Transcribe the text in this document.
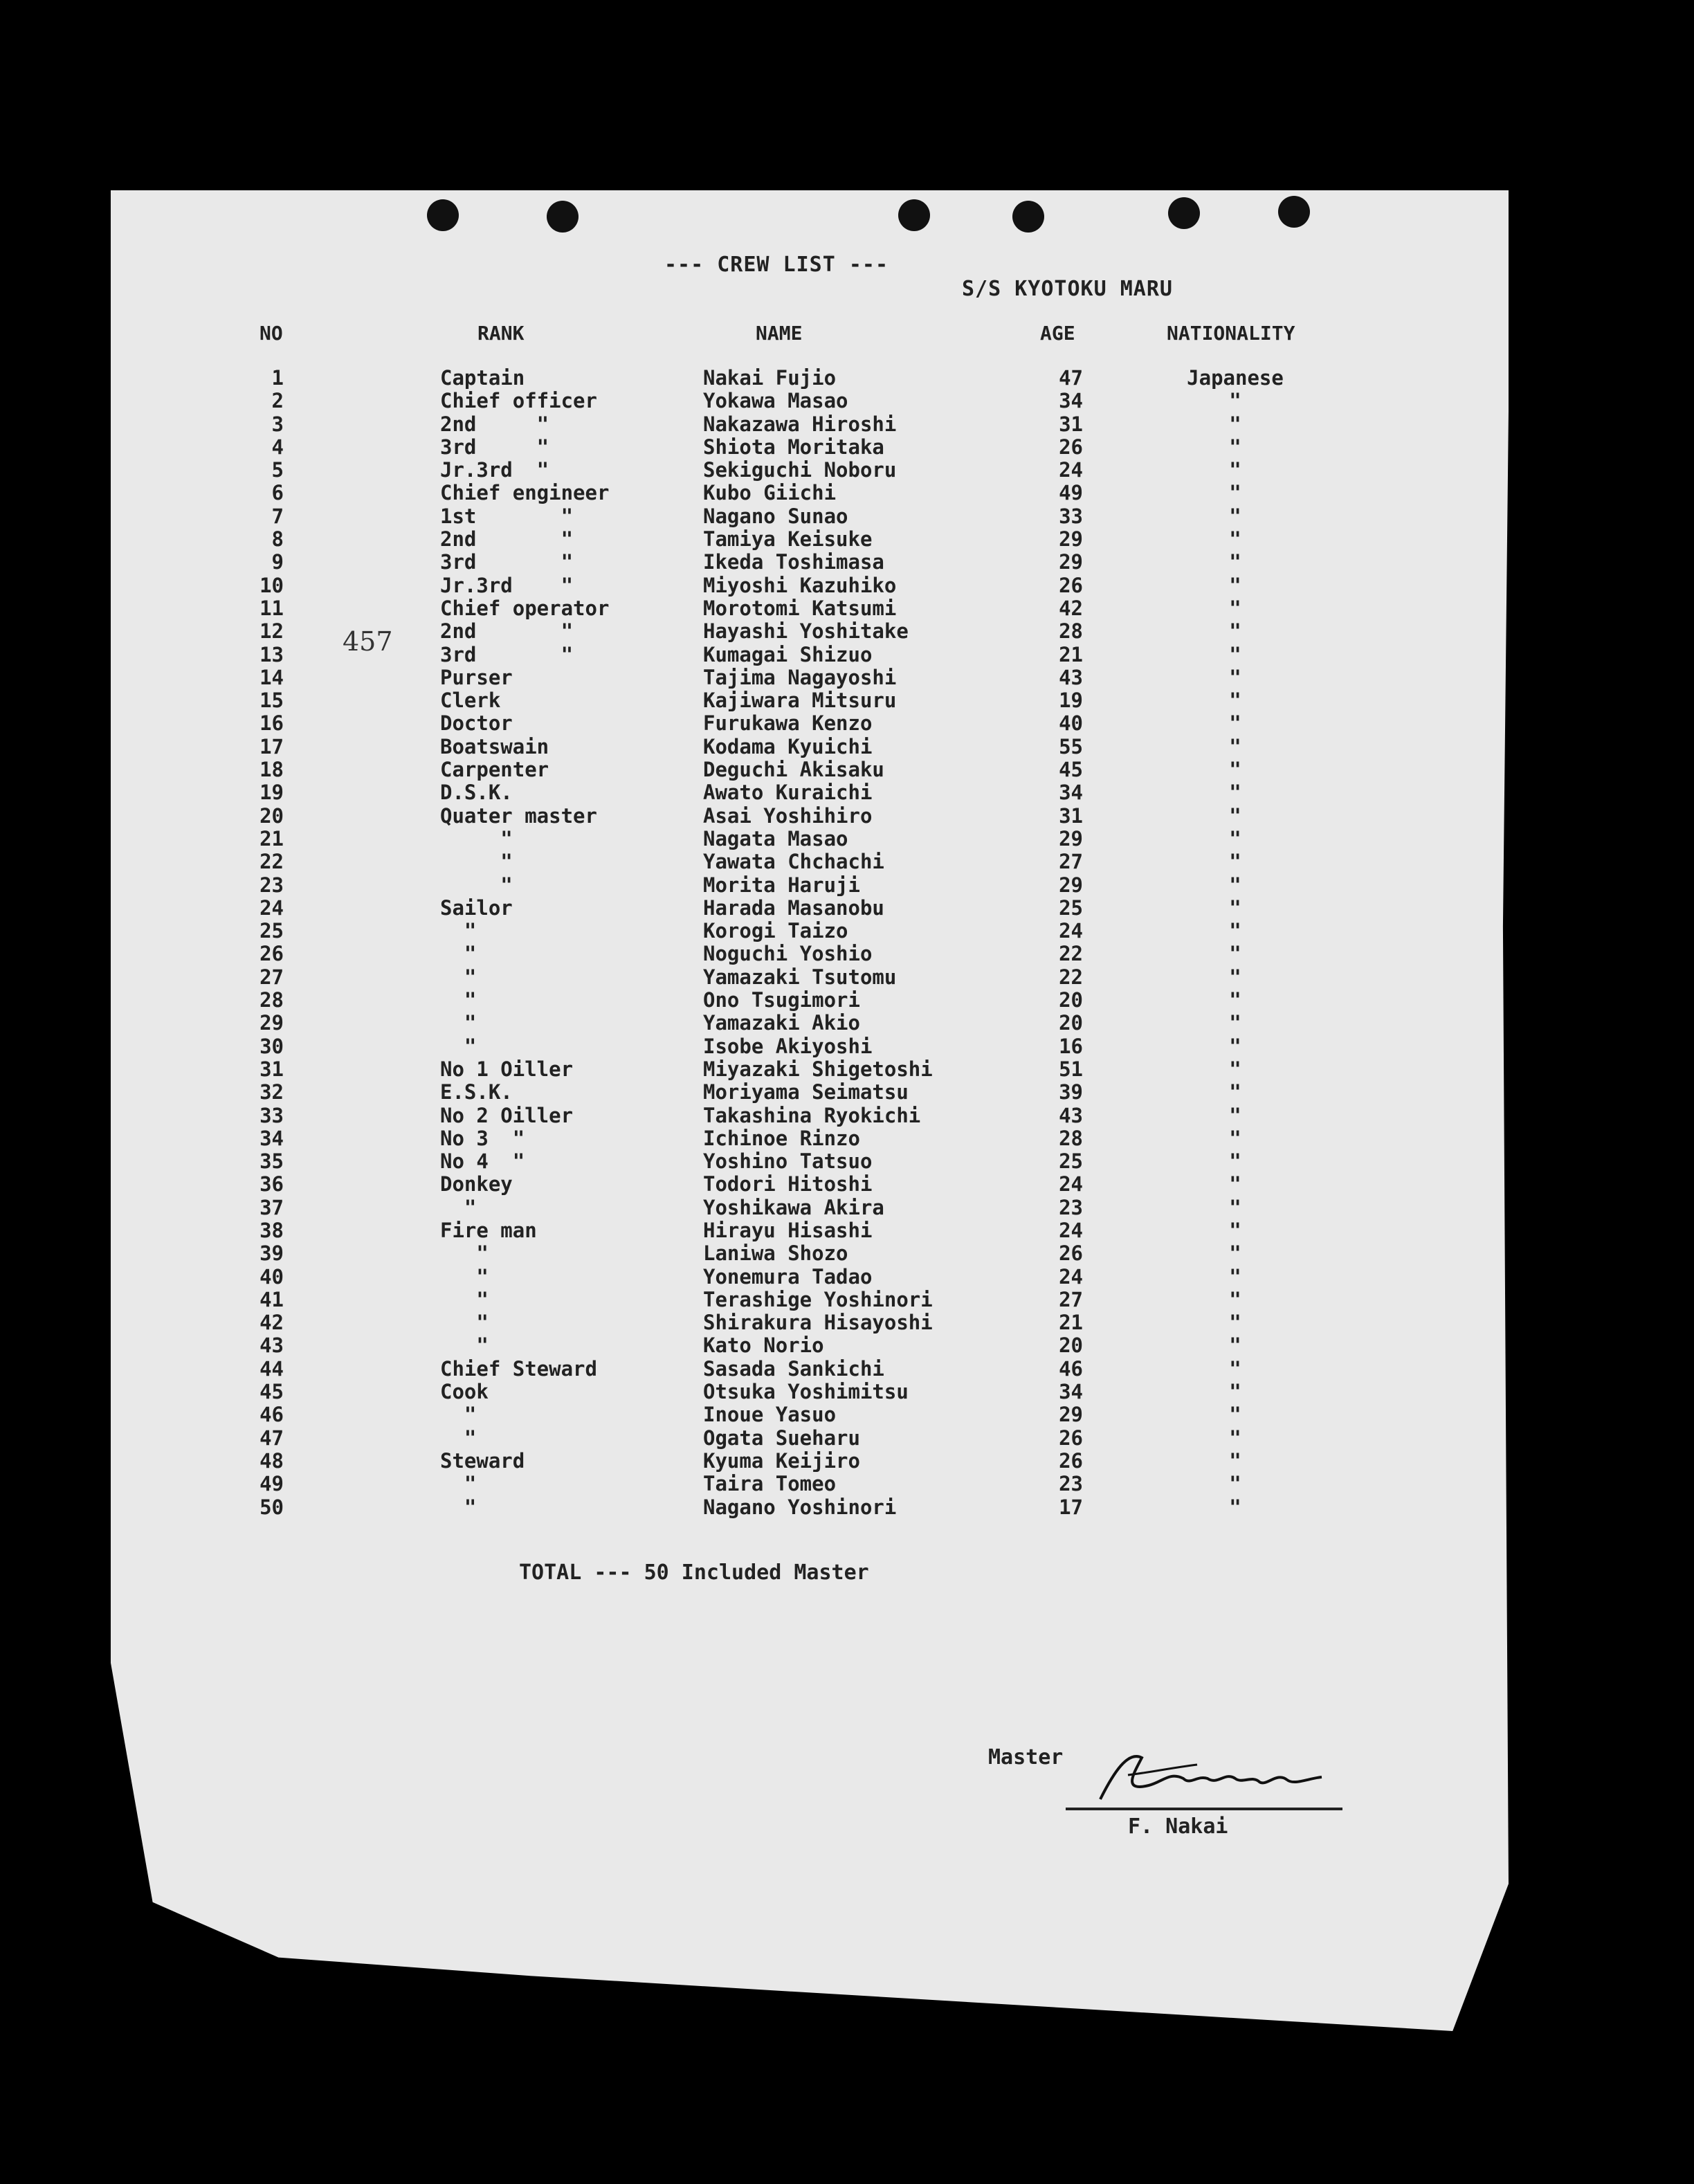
--- CREW LIST ---
S/S KYOTOKU MARU
NO	RANK	NAME	AGE	NATIONALITY
457
1	Captain	Nakai Fujio	47	Japanese
2	Chief officer	Yokawa Masao	34	"
3	2nd     "	Nakazawa Hiroshi	31	"
4	3rd     "	Shiota Moritaka	26	"
5	Jr.3rd  "	Sekiguchi Noboru	24	"
6	Chief engineer	Kubo Giichi	49	"
7	1st       "	Nagano Sunao	33	"
8	2nd       "	Tamiya Keisuke	29	"
9	3rd       "	Ikeda Toshimasa	29	"
10	Jr.3rd    "	Miyoshi Kazuhiko	26	"
11	Chief operator	Morotomi Katsumi	42	"
12	2nd       "	Hayashi Yoshitake	28	"
13	3rd       "	Kumagai Shizuo	21	"
14	Purser	Tajima Nagayoshi	43	"
15	Clerk	Kajiwara Mitsuru	19	"
16	Doctor	Furukawa Kenzo	40	"
17	Boatswain	Kodama Kyuichi	55	"
18	Carpenter	Deguchi Akisaku	45	"
19	D.S.K.	Awato Kuraichi	34	"
20	Quater master	Asai Yoshihiro	31	"
21	"	Nagata Masao	29	"
22	"	Yawata Chchachi	27	"
23	"	Morita Haruji	29	"
24	Sailor	Harada Masanobu	25	"
25	"	Korogi Taizo	24	"
26	"	Noguchi Yoshio	22	"
27	"	Yamazaki Tsutomu	22	"
28	"	Ono Tsugimori	20	"
29	"	Yamazaki Akio	20	"
30	"	Isobe Akiyoshi	16	"
31	No 1 Oiller	Miyazaki Shigetoshi	51	"
32	E.S.K.	Moriyama Seimatsu	39	"
33	No 2 Oiller	Takashina Ryokichi	43	"
34	No 3  "	Ichinoe Rinzo	28	"
35	No 4  "	Yoshino Tatsuo	25	"
36	Donkey	Todori Hitoshi	24	"
37	"	Yoshikawa Akira	23	"
38	Fire man	Hirayu Hisashi	24	"
39	"	Laniwa Shozo	26	"
40	"	Yonemura Tadao	24	"
41	"	Terashige Yoshinori	27	"
42	"	Shirakura Hisayoshi	21	"
43	"	Kato Norio	20	"
44	Chief Steward	Sasada Sankichi	46	"
45	Cook	Otsuka Yoshimitsu	34	"
46	"	Inoue Yasuo	29	"
47	"	Ogata Sueharu	26	"
48	Steward	Kyuma Keijiro	26	"
49	"	Taira Tomeo	23	"
50	"	Nagano Yoshinori	17	"
TOTAL --- 50 Included Master
Master
F. Nakai
